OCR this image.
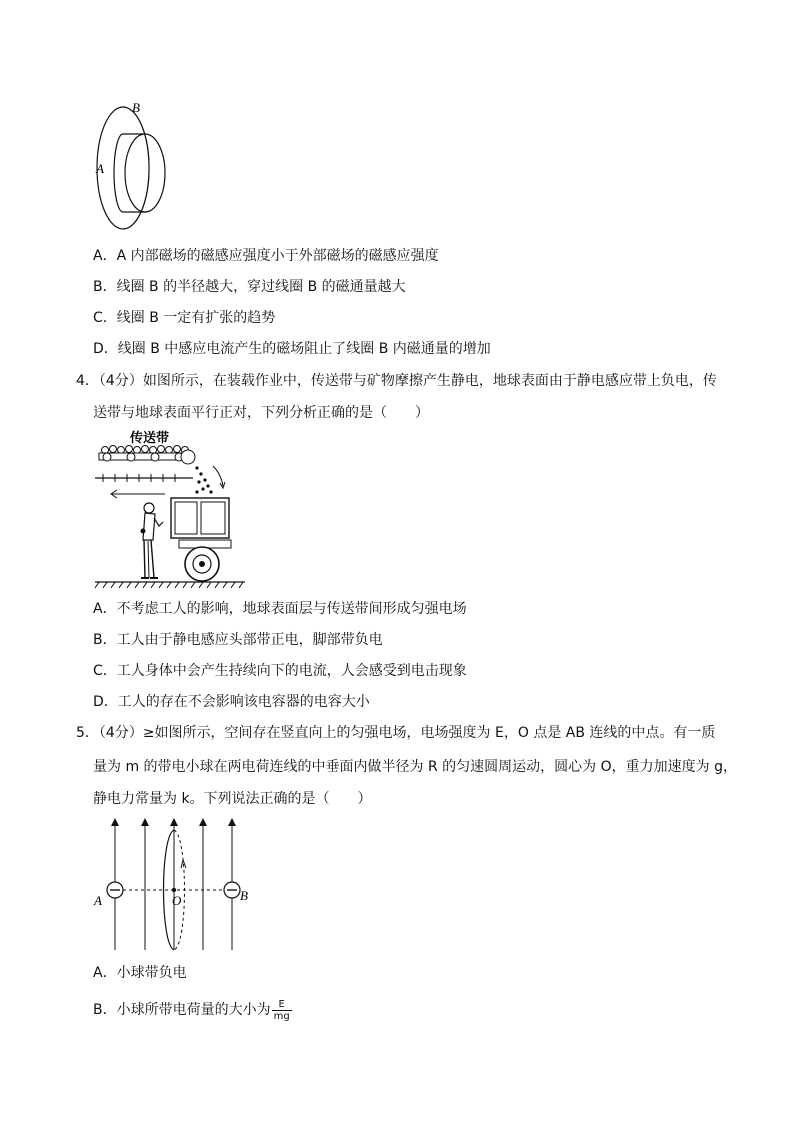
B
A
A．A 内部磁场的磁感应强度小于外部磁场的磁感应强度
B．线圈 B 的半径越大，穿过线圈 B 的磁通量越大
C．线圈 B 一定有扩张的趋势
D．线圈 B 中感应电流产生的磁场阻止了线圈 B 内磁通量的增加
4．（4分）如图所示，在装载作业中，传送带与矿物摩擦产生静电，地球表面由于静电感应带上负电，传
送带与地球表面平行正对，下列分析正确的是（　　）
传送带
A．不考虑工人的影响，地球表面层与传送带间形成匀强电场
B．工人由于静电感应头部带正电，脚部带负电
C．工人身体中会产生持续向下的电流，人会感受到电击现象
D．工人的存在不会影响该电容器的电容大小
5．（4分）≥如图所示，空间存在竖直向上的匀强电场，电场强度为 E，O 点是 AB 连线的中点。有一质
量为 m 的带电小球在两电荷连线的中垂面内做半径为 R 的匀速圆周运动，圆心为 O，重力加速度为 g，
静电力常量为 k。下列说法正确的是（　　）
A	O	B
A．小球带负电
B．小球所带电荷量的大小为 $\frac{E}{mg}$
